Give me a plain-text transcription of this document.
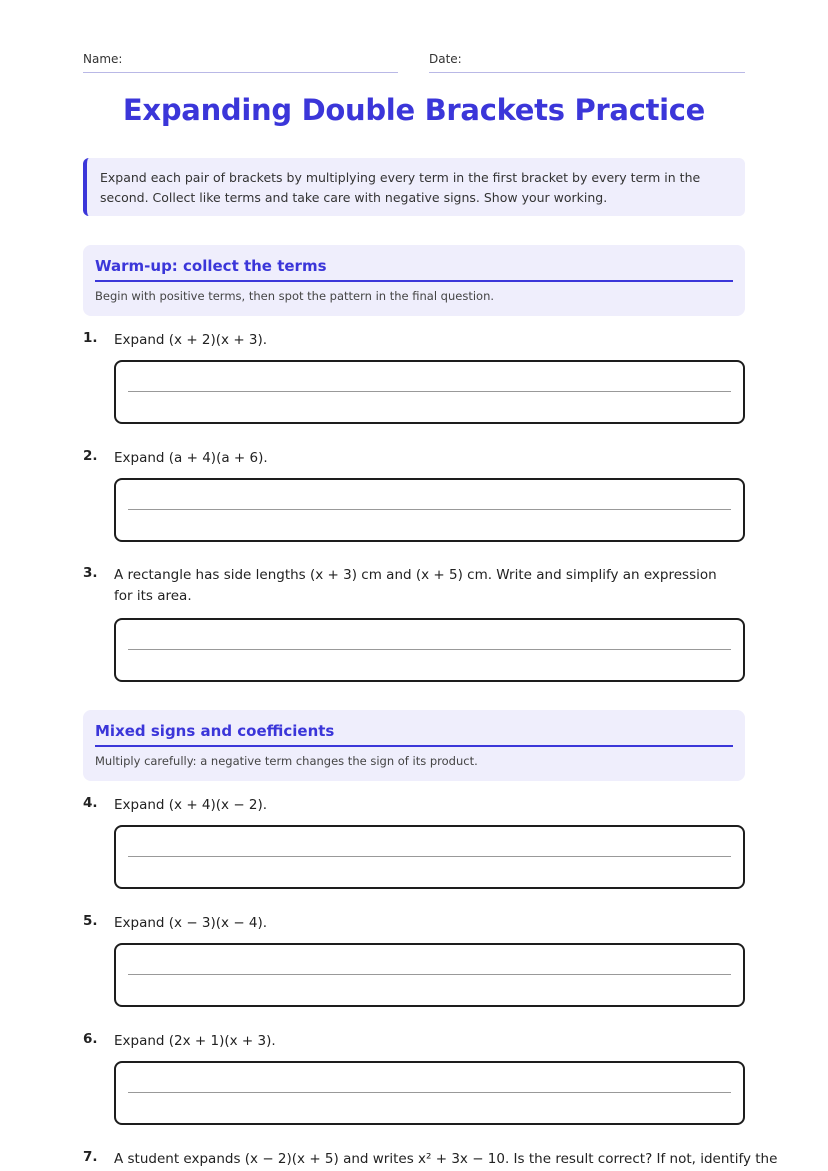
Name:	Date:
Expanding Double Brackets Practice
Expand each pair of brackets by multiplying every term in the first bracket by every term in the second. Collect like terms and take care with negative signs. Show your working.
Warm-up: collect the terms
Begin with positive terms, then spot the pattern in the final question.
1. Expand (x + 2)(x + 3).
2. Expand (a + 4)(a + 6).
3. A rectangle has side lengths (x + 3) cm and (x + 5) cm. Write and simplify an expression for its area.
Mixed signs and coefficients
Multiply carefully: a negative term changes the sign of its product.
4. Expand (x + 4)(x − 2).
5. Expand (x − 3)(x − 4).
6. Expand (2x + 1)(x + 3).
7. A student expands (x − 2)(x + 5) and writes x² + 3x − 10. Is the result correct? If not, identify the
